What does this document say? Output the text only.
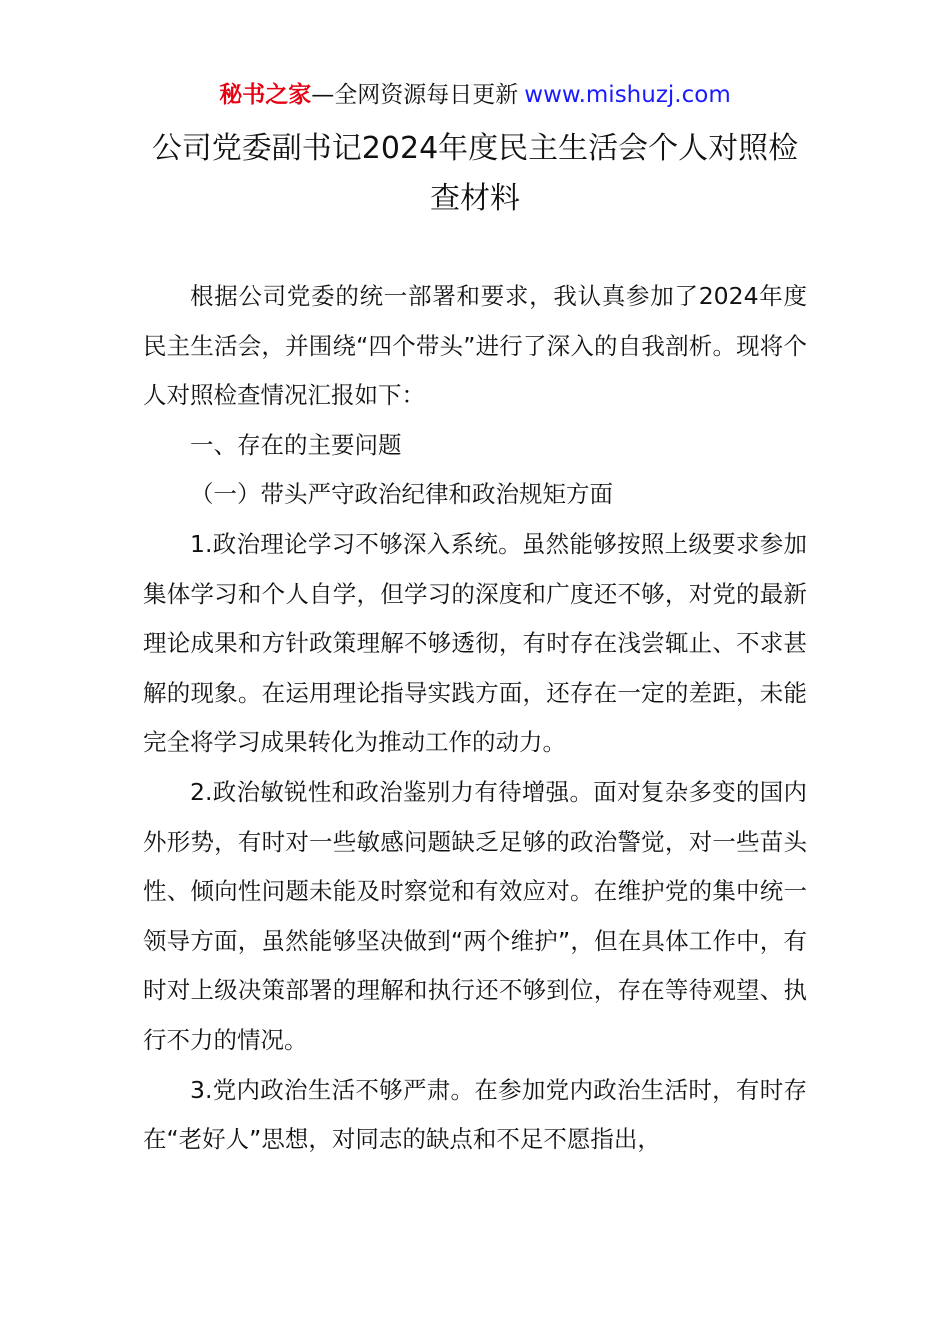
秘书之家—全网资源每日更新 www.mishuzj.com
公司党委副书记2024年度民主生活会个人对照检查材料

根据公司党委的统一部署和要求，我认真参加了2024年度民主生活会，并围绕“四个带头”进行了深入的自我剖析。现将个人对照检查情况汇报如下：

一、存在的主要问题

（一）带头严守政治纪律和政治规矩方面

1.政治理论学习不够深入系统。虽然能够按照上级要求参加集体学习和个人自学，但学习的深度和广度还不够，对党的最新理论成果和方针政策理解不够透彻，有时存在浅尝辄止、不求甚解的现象。在运用理论指导实践方面，还存在一定的差距，未能完全将学习成果转化为推动工作的动力。

2.政治敏锐性和政治鉴别力有待增强。面对复杂多变的国内外形势，有时对一些敏感问题缺乏足够的政治警觉，对一些苗头性、倾向性问题未能及时察觉和有效应对。在维护党的集中统一领导方面，虽然能够坚决做到“两个维护”，但在具体工作中，有时对上级决策部署的理解和执行还不够到位，存在等待观望、执行不力的情况。

3.党内政治生活不够严肃。在参加党内政治生活时，有时存在“老好人”思想，对同志的缺点和不足不愿指出，
